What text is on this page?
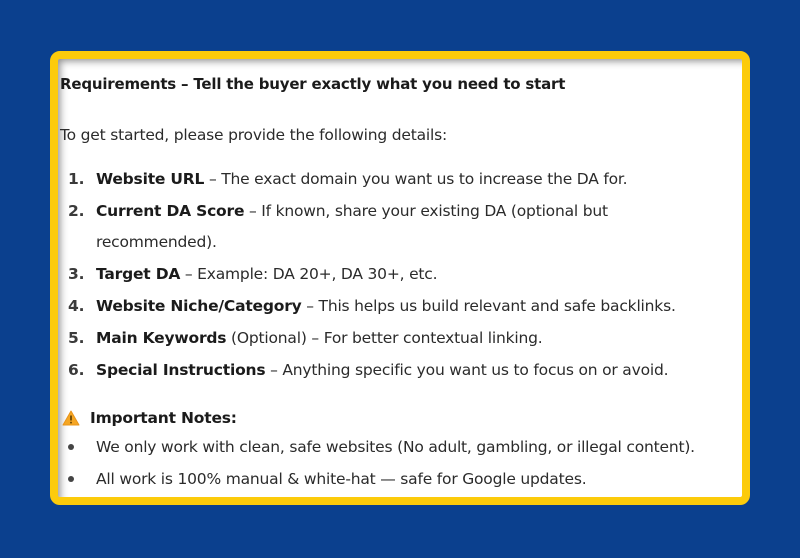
Requirements – Tell the buyer exactly what you need to start
To get started, please provide the following details:
1. Website URL – The exact domain you want us to increase the DA for.
2. Current DA Score – If known, share your existing DA (optional but
recommended).
3. Target DA – Example: DA 20+, DA 30+, etc.
4. Website Niche/Category – This helps us build relevant and safe backlinks.
5. Main Keywords (Optional) – For better contextual linking.
6. Special Instructions – Anything specific you want us to focus on or avoid.
Important Notes:
We only work with clean, safe websites (No adult, gambling, or illegal content).
All work is 100% manual & white-hat — safe for Google updates.
